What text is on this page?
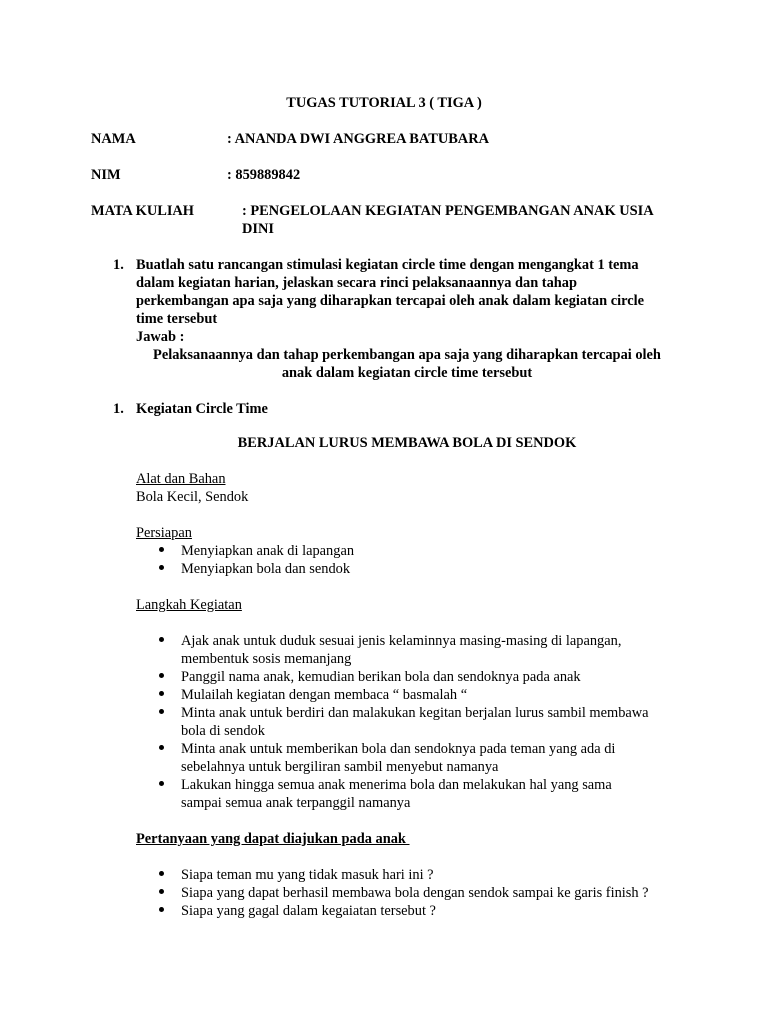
TUGAS TUTORIAL 3 ( TIGA )
NAMA	: ANANDA DWI ANGGREA BATUBARA
NIM	: 859889842
MATA KULIAH	: PENGELOLAAN KEGIATAN PENGEMBANGAN ANAK USIA
DINI
1. Buatlah satu rancangan stimulasi kegiatan circle time dengan mengangkat 1 tema
dalam kegiatan harian, jelaskan secara rinci pelaksanaannya dan tahap
perkembangan apa saja yang diharapkan tercapai oleh anak dalam kegiatan circle
time tersebut
Jawab :
Pelaksanaannya dan tahap perkembangan apa saja yang diharapkan tercapai oleh
anak dalam kegiatan circle time tersebut
1. Kegiatan Circle Time
BERJALAN LURUS MEMBAWA BOLA DI SENDOK
Alat dan Bahan
Bola Kecil, Sendok
Persiapan
Menyiapkan anak di lapangan
Menyiapkan bola dan sendok
Langkah Kegiatan
Ajak anak untuk duduk sesuai jenis kelaminnya masing-masing di lapangan,
membentuk sosis memanjang
Panggil nama anak, kemudian berikan bola dan sendoknya pada anak
Mulailah kegiatan dengan membaca “ basmalah “
Minta anak untuk berdiri dan malakukan kegitan berjalan lurus sambil membawa
bola di sendok
Minta anak untuk memberikan bola dan sendoknya pada teman yang ada di
sebelahnya untuk bergiliran sambil menyebut namanya
Lakukan hingga semua anak menerima bola dan melakukan hal yang sama
sampai semua anak terpanggil namanya
Pertanyaan yang dapat diajukan pada anak
Siapa teman mu yang tidak masuk hari ini ?
Siapa yang dapat berhasil membawa bola dengan sendok sampai ke garis finish ?
Siapa yang gagal dalam kegaiatan tersebut ?
